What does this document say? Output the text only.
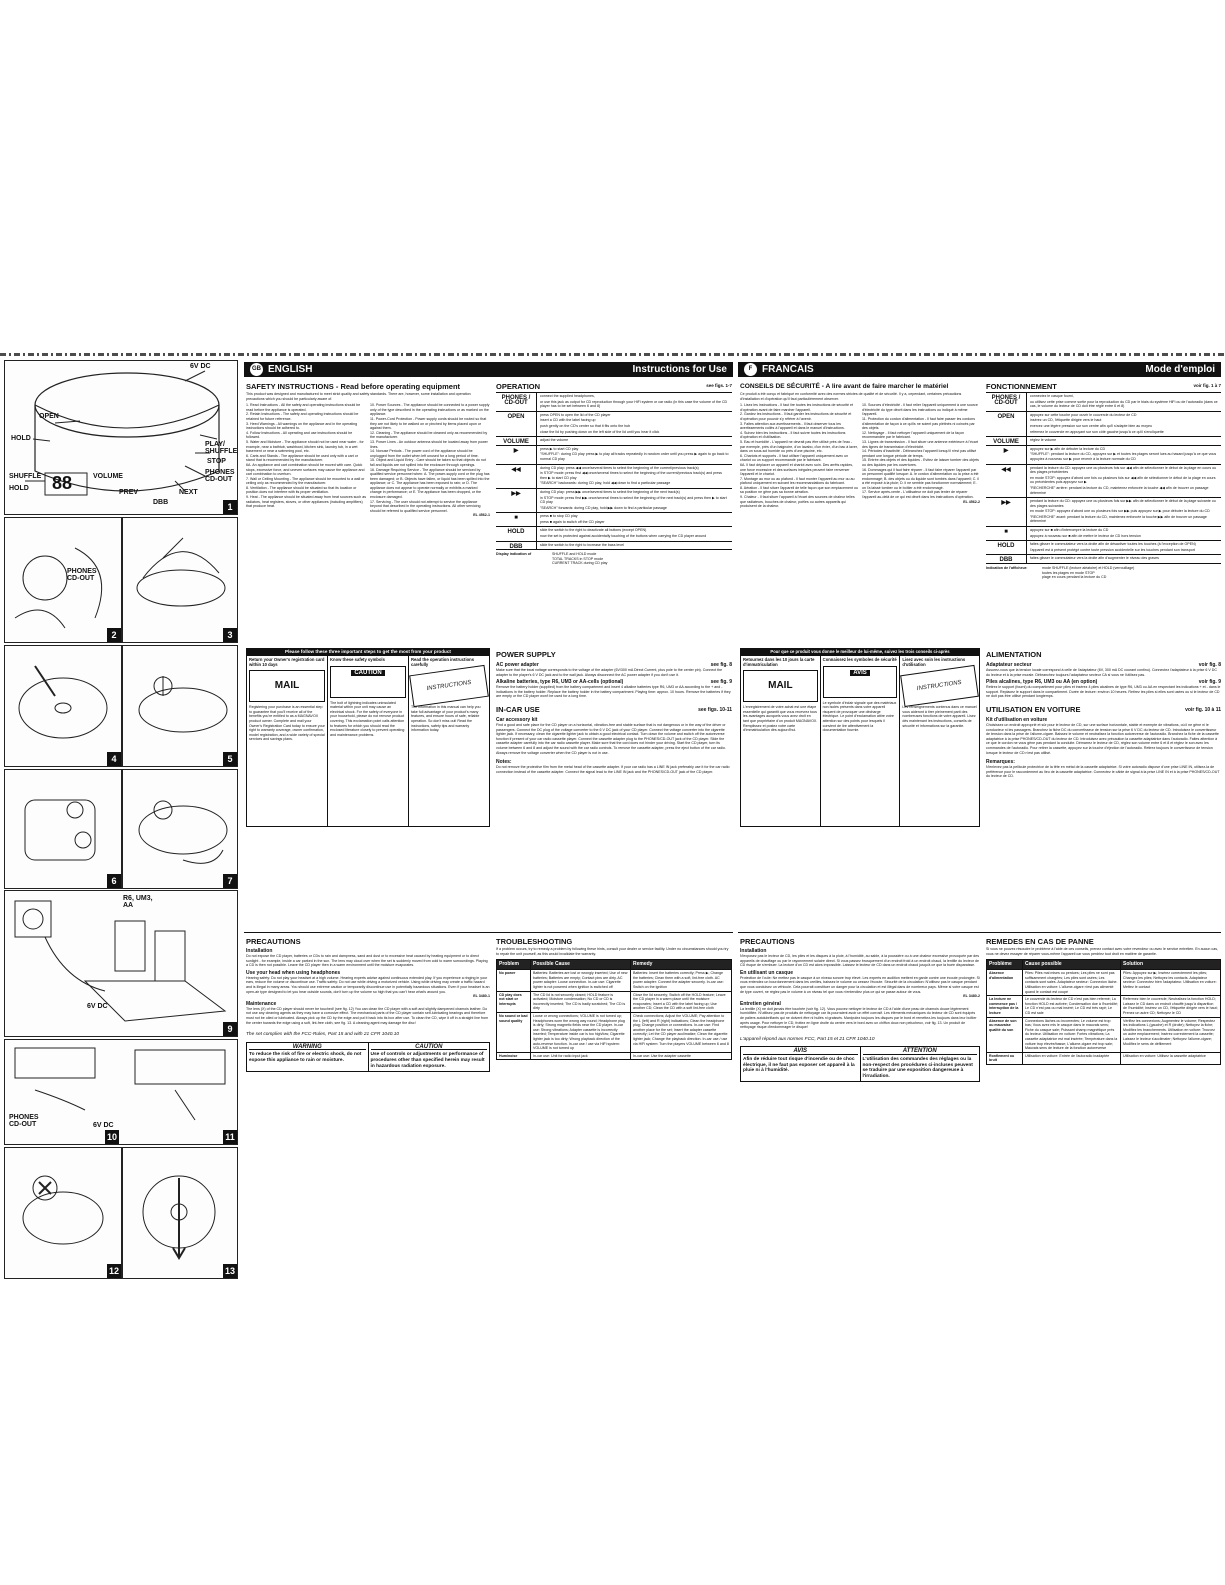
6V DC
OPEN
HOLD
PLAY/ SHUFFLE
STOP
PHONES CD-OUT
SHUFFLE
HOLD 88	VOLUME
PREV
DBB
NEXT
1
PHONES CD-OUT
2	3
4	5
6	7
R6, UM3, AA
6V DC
9
PHONES CD-OUT	6V DC
10	11
12	13
GB ENGLISH	Instructions for Use
SAFETY INSTRUCTIONS - Read before operating equipment
This product was designed and manufactured to meet strict quality and safety standards. There are, however, some installation and operation precautions which you should be particularly aware of.
1. Read Instructions - All the safety and operating instructions should be read before the appliance is operated.
2. Retain Instructions - The safety and operating instructions should be retained for future reference.
3. Heed Warnings - All warnings on the appliance and in the operating instructions should be adhered to.
4. Follow Instructions - All operating and use instructions should be followed.
5. Water and Moisture - The appliance should not be used near water - for example, near a bathtub, washbowl, kitchen sink, laundry tub, in a wet basement or near a swimming pool, etc.
6. Carts and Stands - The appliance should be used only with a cart or stand that is recommended by the manufacturer.
6A. An appliance and cart combination should be moved with care. Quick stops, excessive force, and uneven surfaces may cause the appliance and cart combination to overturn.
7. Wall or Ceiling Mounting - The appliance should be mounted to a wall or ceiling only as recommended by the manufacturer.
8. Ventilation - The appliance should be situated so that its location or position does not interfere with its proper ventilation.
9. Heat - The appliance should be situated away from heat sources such as radiators, heat registers, stoves, or other appliances (including amplifiers) that produce heat.
10. Power Sources - The appliance should be connected to a power supply only of the type described in the operating instructions or as marked on the appliance.
11. Power-Cord Protection - Power supply cords should be routed so that they are not likely to be walked on or pinched by items placed upon or against them.
12. Cleaning - The appliance should be cleaned only as recommended by the manufacturer.
13. Power Lines - An outdoor antenna should be located away from power lines.
14. Nonuse Periods - The power cord of the appliance should be unplugged from the outlet when left unused for a long period of time.
15. Object and Liquid Entry - Care should be taken so that objects do not fall and liquids are not spilled into the enclosure through openings.
16. Damage Requiring Service - The appliance should be serviced by qualified service personnel when: A. The power-supply cord or the plug has been damaged; or B. Objects have fallen, or liquid has been spilled into the appliance; or C. The appliance has been exposed to rain; or D. The appliance does not appear to operate normally or exhibits a marked change in performance; or E. The appliance has been dropped, or the enclosure damaged.
17. Servicing - The user should not attempt to service the appliance beyond that described in the operating instructions. All other servicing should be referred to qualified service personnel.
EL 4562-1
Please follow these three important steps to get the most from your product
Return your Owner's registration card within 10 days
MAIL
Registering your purchase is an essential step to guarantee that you'll receive all of the benefits you're entitled to as a MAGNAVOX product owner. Complete and mail your Owner's Registration Card today to ensure your right to warranty coverage, owner confirmation, model registration, and a wide variety of special services and savings plans.
Know these safety symbols
CAUTION
The bolt of lightning indicates uninsulated material within your unit may cause an electrical shock. For the safety of everyone in your household, please do not remove product covering. This exclamation point calls attention to features for which you should read the enclosed literature closely to prevent operating and maintenance problems.
Read the operation instructions carefully
INSTRUCTIONS
The information in this manual can help you take full advantage of your product's many features, and ensure hours of safe, reliable operation. So don't miss out! Read the instructions, safety tips and warranty information today.
OPERATION	see figs. 1-7
PHONES / CD-OUT
connect the supplied headphones,
or use this jack as output for CD reproduction through your HiFi system or car radio (in this case the volume of the CD player has to be set between 6 and 8)
OPEN	press OPEN to open the lid of the CD player
insert a CD with the label facing up
push gently on the CD's center so that it fits onto the hub
close the lid by pushing down on the left side of the lid until you hear it click
VOLUME	adjust the volume
▶	press ▶ to start CD play
"SHUFFLE": during CD play press ▶ to play all tracks repeatedly in random order until you press ▶ again to go back to normal CD play
◀◀	during CD play: press ◀◀ once/several times to select the beginning of the current/previous track(s)
in STOP mode: press first ◀◀ once/several times to select the beginning of the current/previous track(s) and press then ▶ to start CD play
"SEARCH" backwards: during CD play, hold ◀◀ down to find a particular passage
▶▶	during CD play: press ▶▶ once/several times to select the beginning of the next track(s)
in STOP mode: press first ▶▶ once/several times to select the beginning of the next track(s) and press then ▶ to start CD play
"SEARCH" forwards: during CD play, hold ▶▶ down to find a particular passage
■	press ■ to stop CD play
press ■ again to switch off the CD player
HOLD	slide the switch to the right to deactivate all buttons (except OPEN)
now the set is protected against accidentally touching of the buttons when carrying the CD player around
DBB	slide the switch to the right to increase the bass level
Display indication of	SHUFFLE and HOLD mode
TOTAL TRACKS in STOP mode
CURRENT TRACK during CD play
POWER SUPPLY
AC power adapter	see fig. 8
Make sure that the local voltage corresponds to the voltage of the adapter (6V/300 mA Direct Current, plus pole to the center pin). Connect the adapter to the player's 6 V DC jack and to the wall jack. Always disconnect the AC power adapter if you don't use it.
Alkaline batteries, type R6, UM3 or AA-cells (optional)	see fig. 9
Remove the battery holder (supplied) from the battery compartment and insert 4 alkaline batteries type R6, UM3 or AA according to the + and - indications in the battery holder. Replace the battery holder in the battery compartment. Playing time: approx. 10 hours. Remove the batteries if they are empty or the CD player won't be used for a long time.
IN-CAR USE	see figs. 10-11
Car accessory kit
Find a good and safe place for the CD player on a horizontal, vibration-free and stable surface that is not dangerous or in the way of the driver or passengers. Connect the DC plug of the voltage converter to the 6 V DC jack of your CD player. Connect the voltage converter into the cigarette lighter jack. If necessary, clean the cigarette lighter jack to obtain a good electrical contact. Turn down the volume and switch off the autoreverse function if present of your car radio cassette player. Connect the cassette adapter plug to the PHONES/CD-OUT jack of the CD player. Slide the cassette adapter carefully into the car radio cassette player. Make sure that the cord does not hinder your driving. Start the CD player, turn its volume between 6 and 8 and adjust the sound with the car radio controls. To remove the cassette adapter, press the eject button of the car radio. Always remove the voltage converter when the CD player is not in use.
Notes:
Do not remove the protective film from the metal head of the cassette adapter. If your car radio has a LINE IN jack preferably use it for the car radio connection instead of the cassette adapter. Connect the signal lead to the LINE IN jack and the PHONES/CD-OUT jack of the CD player.
PRECAUTIONS
Installation
Do not expose the CD player, batteries or CDs to rain and dampness, sand and dust or to excessive heat caused by heating equipment or to direct sunlight - for example, inside a car parked in the sun. The lens may cloud over when the set is suddenly moved from cold to warm surroundings. Playing a CD is then not possible. Leave the CD player then in a warm environment until the moisture evaporates.
Use your head when using headphones
Hearing safety: Do not play your headset at a high volume. Hearing experts advise against continuous extended play. If you experience a ringing in your ears, reduce the volume or discontinue use. Traffic safety: Do not use while driving a motorized vehicle. Using while driving may create a traffic hazard and is illegal in many areas. You should use extreme caution or temporarily discontinue use in potentially hazardous situations. Even if your headset is an open-air type designed to let you hear outside sounds, don't turn up the volume so high that you can't hear what's around you.
EL 3480-1
Maintenance
The lens (X) of the CD player should never be touched! (see fig. 12) You can clean the CD player with a soft and slightly dampened chamois leather. Do not use any cleaning agents as they may have a corrosive effect. The mechanical parts of the CD player contain self-lubricating bearings and therefore must not be oiled or lubricated. Always pick up the CD by the edge and put it back into its box after use. To clean the CD, wipe it off in a straight line from the center towards the edge using a soft, lint-free cloth, see fig. 13. A cleaning agent may damage the disc!
The set complies with the FCC-Rules, Part 15 and with 21 CFR 1040.10
WARNING
To reduce the risk of fire or electric shock, do not expose this appliance to rain or moisture.
CAUTION
Use of controls or adjustments or performance of procedures other than specified herein may result in hazardous radiation exposure.
TROUBLESHOOTING
If a problem occurs, try to remedy a problem by following these hints, consult your dealer or service facility. Under no circumstances should you try to repair the unit yourself, as this would invalidate the warranty.
Problem	Possible Cause	Remedy
No power	Batteries: Batteries are lost or wrongly inserted; Use of new batteries; Batteries are empty; Contact pins are dirty. AC power adapter: Loose connection. In-car use: Cigarette lighter is not powered when ignition is switched off
Batteries: Insert the batteries correctly; Press ▶; Change the batteries; Clean them with a soft, lint-free cloth. AC power adapter: Connect the adapter securely. In-car use: Switch on the ignition
CD play does not start or interrupts
The CD lid is not securely closed; HOLD feature is activated; Moisture condensation; No CD or CD is incorrectly inserted; The CD is badly scratched; The CD is dirty
Close the lid securely; Switch off the HOLD feature; Leave the CD player in a warm place until the moisture evaporates; Insert a CD with the label facing up; Use another CD; Clean the CD with a soft lint-free cloth
No sound or bad sound quality
Loose or wrong connections; VOLUME is not turned up; Headphones worn the wrong way round; Headphone plug is dirty; Strong magnetic fields near the CD player. In-car use: Strong vibrations; Adapter cassette is incorrectly inserted; Temperature inside car is too high/low; Cigarette lighter jack is too dirty; Wrong playback direction of the auto-reverse function. In-car use / use via HiFi system: VOLUME is not turned up
Check connections; Adjust the VOLUME; Pay attention to the L (left) and R (right) indications; Clean the headphone plug; Change position or connections. In-car use: Find another place for the set; Insert the adapter cassette correctly; Let the CD player acclimatize; Clean the cigarette lighter jack; Change the playback direction. In-car use / use via HiFi system: Turn the players VOLUME between 6 and 8
Hum/noise	In-car use: Unit for radio input jack	In-car use: Use the adapter cassette
F FRANCAIS	Mode d'emploi
CONSEILS DE SÉCURITÉ - A lire avant de faire marcher le matériel
Ce produit a été conçu et fabriqué en conformité avec des normes strictes de qualité et de sécurité. Il y a, cependant, certaines précautions d'installation et d'opération qu'il faut particulièrement observer.
1. Lisez les instructions - Il faut lire toutes les instructions de sécurité et d'opération avant de faire marcher l'appareil.
2. Gardez les instructions - Il faut garder les instructions de sécurité et d'opération pour pouvoir s'y référer à l'avenir.
3. Faites attention aux avertissements - Il faut observer tous les avertissements collés à l'appareil et dans le manuel d'instructions.
4. Suivez bien les instructions - Il faut suivre toutes les instructions d'opération et d'utilisation.
5. Eau et humidité - L'appareil ne devrait pas être utilisé près de l'eau - par exemple, près d'un baignoire, d'un lavabo, d'un évier, d'un bac à laver, dans un sous-sol humide ou près d'une piscine, etc.
6. Chariots et supports - Il faut utiliser l'appareil uniquement avec un chariot ou un support recommandé par le fabricant.
6A. Il faut déplacer un appareil et chariot avec soin. Des arrêts rapides, une force excessive et des surfaces inégales peuvent faire renverser l'appareil et le chariot.
7. Montage au mur ou au plafond - Il faut monter l'appareil au mur ou au plafond uniquement en suivant les recommandations du fabricant.
8. Aération - Il faut situer l'appareil de telle façon que son emplacement ou sa position ne gêne pas sa bonne aération.
9. Chaleur - Il faut situer l'appareil à l'écart des sources de chaleur telles que radiateurs, bouches de chaleur, poêles ou autres appareils qui produisent de la chaleur.
10. Sources d'électricité - Il faut relier l'appareil uniquement à une source d'électricité du type décrit dans les instructions ou indiqué à même l'appareil.
11. Protection du cordon d'alimentation - Il faut faire passer les cordons d'alimentation de façon à ce qu'ils ne soient pas piétinés ni coincés par des objets.
12. Nettoyage - Il faut nettoyer l'appareil uniquement de la façon recommandée par le fabricant.
13. Lignes de transmission - Il faut situer une antenne extérieure à l'écart des lignes de transmission d'électricité.
14. Périodes d'inactivité - Débranchez l'appareil lorsqu'il n'est pas utilisé pendant une longue période de temps.
15. Entrée des objets et des liquides - Evitez de laisser tomber des objets ou des liquides par les ouvertures.
16. Dommages qui il faut faire réparer - Il faut faire réparer l'appareil par un personnel qualifié lorsque: A. le cordon d'alimentation ou la prise a été endommagé; B. des objets ou du liquide sont tombés dans l'appareil; C. il a été exposé à la pluie; D. il ne semble pas fonctionner normalement; E. on l'a laissé tomber ou le boîtier a été endommagé.
17. Service après-vente - L'utilisateur ne doit pas tenter de réparer l'appareil au-delà de ce qui est décrit dans les instructions d'opération.
EL 4562-2
Pour que ce produit vous donne le meilleur de lui-même, suivez les trois conseils ci-après
Retournez dans les 10 jours la carte d'immatriculation
MAIL
L'enregistrement de votre achat est une étape essentielle qui garantit que vous recevrez tous les avantages auxquels vous avez droit en tant que propriétaire d'un produit MAGNAVOX. Remplissez et postez votre carte d'immatriculation dès aujourd'hui.
Connaissez les symboles de sécurité
AVIS
Le symbole d'éclair signale que des matériaux non isolés présents dans votre appareil risquent de provoquer une décharge électrique. Le point d'exclamation attire votre attention sur des points pour lesquels il convient de lire attentivement la documentation fournie.
Lisez avec soin les instructions d'utilisation
INSTRUCTIONS
Les renseignements contenus dans ce manuel vous aideront à tirer pleinement parti des nombreuses fonctions de votre appareil. Lisez dès maintenant les instructions, conseils de sécurité et informations sur la garantie.
FONCTIONNEMENT	voir fig. 1 à 7
PHONES / CD-OUT
connectez le casque fourni,
ou utilisez cette prise comme sortie pour la reproduction du CD par le biais du système HiFi ou de l'autoradio (dans ce cas, le volume du lecteur de CD doit être réglé entre 6 et 8)
OPEN	appuyez sur cette touche pour ouvrir le couvercle du lecteur de CD
insérez un CD, l'étiquette dirigée vers le haut
exercez une légère pression sur son centre afin qu'il s'adapte bien au moyeu
refermez le couvercle en appuyant sur son côté gauche jusqu'à ce qu'il s'encliquette
VOLUME	réglez le volume
▶	appuyez sur ▶ afin de débuter la lecture du CD
"SHUFFLE": pendant la lecture du CD, appuyez sur ▶ et toutes les plages seront lues au hasard jusqu'à ce que vous appuyiez à nouveau sur ▶ pour revenir à la lecture normale du CD
◀◀	pendant la lecture du CD: appuyez une ou plusieurs fois sur ◀◀ afin de sélectionner le début de la plage en cours ou des plages précédentes
en mode STOP: appuyez d'abord une fois ou plusieurs fois sur ◀◀ afin de sélectionner le début de la plage en cours ou précédentes puis appuyez sur ▶
"RECHERCHE" arrière: pendant la lecture du CD, maintenez enfoncée la touche ◀◀ afin de trouver un passage déterminé
▶▶	pendant la lecture du CD: appuyez une ou plusieurs fois sur ▶▶ afin de sélectionner le début de la plage suivante ou des plages suivantes
en mode STOP: appuyez d'abord une ou plusieurs fois sur ▶▶ puis appuyez sur ▶ pour débuter la lecture du CD
"RECHERCHE" avant: pendant la lecture du CD, maintenez enfoncée la touche ▶▶ afin de trouver un passage déterminé
■	appuyez sur ■ afin d'interrompre la lecture du CD
appuyez à nouveau sur ■ afin de mettre le lecteur de CD hors tension
HOLD	faites glisser le commutateur vers la droite afin de désactiver toutes les touches (à l'exception de OPEN)
l'appareil est à présent protégé contre toute pression accidentelle sur les touches pendant son transport
DBB	faites glisser le commutateur vers la droite afin d'augmenter le niveau des graves
Indication de l'afficheur:	mode SHUFFLE (lecture aléatoire) et HOLD (verrouillage)
toutes les plages en mode STOP
plage en cours pendant la lecture du CD
ALIMENTATION
Adaptateur secteur	voir fig. 8
Assurez-vous que la tension locale correspond à celle de l'adaptateur (6V, 300 mA DC courant continu). Connectez l'adaptateur à la prise 6 V DC du lecteur et à la prise murale. Débranchez toujours l'adaptateur secteur CA si vous ne l'utilisez pas.
Piles alcalines, type R6, UM3 ou AA (en option)	voir fig. 9
Retirez le support (fourni) du compartiment pour piles et insérez 4 piles alcalines de type R6, UM3 ou AA en respectant les indications + et - dans le support. Replacez le support dans le compartiment. Durée de lecture: environ 10 heures. Retirez les piles si elles sont usées ou si le lecteur de CD ne doit pas être utilisé pendant longtemps.
UTILISATION EN VOITURE	voir fig. 10 à 11
Kit d'utilisation en voiture
Choisissez un endroit approprié et sûr pour le lecteur de CD, sur une surface horizontale, stable et exempte de vibrations, où il ne gêne ni le conducteur ni les passagers. Branchez la fiche DC du convertisseur de tension sur la prise 6 V DC du lecteur de CD. Introduisez le convertisseur de tension dans la prise de l'allume-cigare. Baissez le volume et neutralisez la fonction autoreverse de l'autoradio. Branchez la fiche de la cassette adaptatrice à la prise PHONES/CD-OUT du lecteur de CD. Introduisez avec précaution la cassette adaptatrice dans l'autoradio. Faites attention à ce que le cordon ne vous gêne pas pendant la conduite. Démarrez le lecteur de CD, réglez son volume entre 6 et 8 et réglez le son avec les commandes de l'autoradio. Pour retirer la cassette, appuyez sur la touche d'éjection de l'autoradio. Retirez toujours le convertisseur de tension lorsque le lecteur de CD n'est pas utilisé.
Remarques:
N'enlevez pas la pellicule protectrice de la tête en métal de la cassette adaptatrice. Si votre autoradio dispose d'une prise LINE IN, utilisez-la de préférence pour le raccordement au lieu de la cassette adaptatrice. Connectez le câble de signal à la prise LINE IN et à la prise PHONES/CD-OUT du lecteur de CD.
PRECAUTIONS
Installation
N'exposez pas le lecteur de CD, les piles et les disques à la pluie, à l'humidité, au sable, à la poussière ou à une chaleur excessive provoquée par des appareils de chauffage ou par le rayonnement solaire direct. Si vous passez brusquement d'un endroit froid à un endroit chaud, la lentille du lecteur de CD risque de s'embuer. La lecture d'un CD est alors impossible. Laissez le lecteur de CD dans un endroit chaud jusqu'à ce que la buée disparaisse.
En utilisant un casque
Protection de l'ouïe: Ne mettez pas le casque à un niveau sonore trop élevé. Les experts en audition mettent en garde contre une écoute prolongée. Si vous entendez un bourdonnement dans les oreilles, baissez le volume ou cessez l'écoute. Sécurité de la circulation: N'utilisez pas le casque pendant que vous conduisez un véhicule. Cela pourrait constituer un danger pour la circulation et est illégal dans de nombreux pays. Même si votre casque est de type ouvert, ne réglez pas le volume à un niveau tel que vous n'entendiez plus ce qui se passe autour de vous.
EL 3480-2
Entretien général
La lentille (X) ne doit jamais être touchée (voir fig. 12). Vous pouvez nettoyer le lecteur de CD à l'aide d'une peau de chamois douce légèrement humidifiée. N'utilisez pas de produits de nettoyage car ils pourraient avoir un effet corrosif. Les éléments mécaniques du lecteur de CD sont équipés de paliers autolubrifiants qui ne doivent être ni huilés ni graissés. Manipulez toujours les disques par le bord et remettez-les toujours dans leur boîtier après usage. Pour nettoyer le CD, frottez en ligne droite du centre vers le bord avec un chiffon doux non pelucheux, voir fig. 13. Un produit de nettoyage risque d'endommager le disque!
L'appareil répond aux normes FCC, Part 15 et 21 CFR 1040.10
AVIS
Afin de réduire tout risque d'incendie ou de choc électrique, il ne faut pas exposer cet appareil à la pluie ni à l'humidité.
ATTENTION
L'utilisation des commandes des réglages ou la non-respect des procédures ci-incluses peuvent se traduire par une exposition dangereuse à l'irradiation.
REMEDES EN CAS DE PANNE
Si vous ne pouvez résoudre le problème à l'aide de ces conseils, prenez contact avec votre revendeur ou avec le service entretien. En aucun cas, vous ne devez essayer de réparer vous-même l'appareil car vous perdriez tout droit en matière de garantie.
Problème	Cause possible	Solution
Absence d'alimentation
Piles: Piles mal mises ou perdues; Les piles ne sont pas suffisamment chargées; Les piles sont usées; Les contacts sont sales. Adaptateur secteur: Connexion lâche. Utilisation en voiture: L'allume-cigare n'est pas alimenté quand le contact est coupé
Piles: Appuyez sur ▶; Insérez correctement les piles; Changez les piles; Nettoyez les contacts. Adaptateur secteur: Connectez bien l'adaptateur. Utilisation en voiture: Mettez le contact
La lecture ne commence pas / interruption de la lecture
Le couvercle du lecteur de CD n'est pas bien refermé; La fonction HOLD est activée; Condensation due à l'humidité; Le CD n'est pas ou mal inséré; Le CD est très rayé; Le CD est sale
Refermez bien le couvercle; Neutralisez la fonction HOLD; Laissez le CD dans un endroit chauffé jusqu'à disparition de l'humidité; Insérez un CD, l'étiquette dirigée vers le haut; Prenez un autre CD; Nettoyez le CD
Absence de son ou mauvaise qualité du son
Connexions lâches ou incorrectes; Le volume est trop bas; Vous avez mis le casque dans le mauvais sens; Fiche du casque sale; Puissant champ magnétique près du lecteur. Utilisation en voiture: Fortes vibrations; La cassette adaptatrice est mal insérée; Température dans la voiture trop élevée/basse; L'allume-cigare est trop sale; Mauvais sens de lecture de la fonction autoreverse
Vérifiez les connexions; Augmentez le volume; Respectez les indications L (gauche) et R (droite); Nettoyez la fiche; Modifiez les branchements. Utilisation en voiture: Trouvez un autre emplacement; Insérez correctement la cassette; Laissez le lecteur s'acclimater; Nettoyez l'allume-cigare; Modifiez le sens de défilement
Ronflement ou bruit
Utilisation en voiture: Entrée de l'autoradio inadaptée	Utilisation en voiture: Utilisez la cassette adaptatrice
